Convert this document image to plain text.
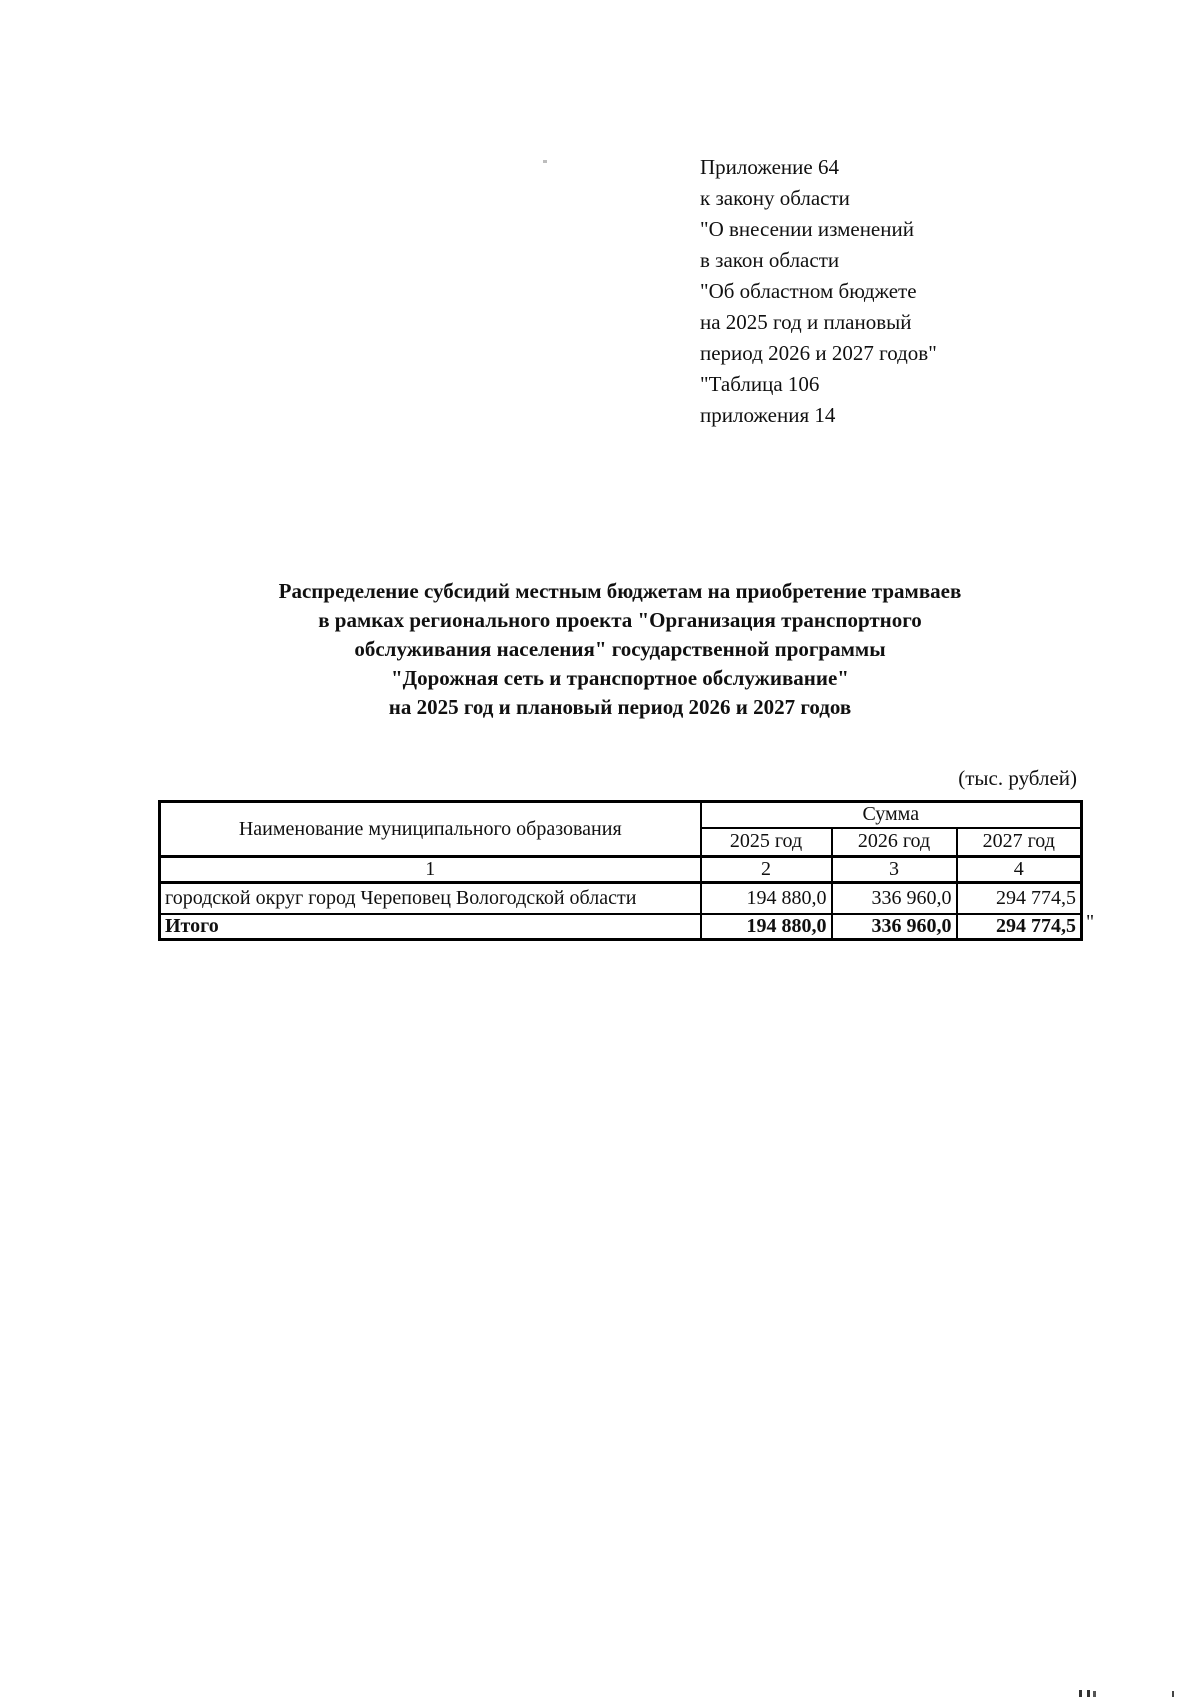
Приложение 64
к закону области
"О внесении изменений
в закон области
"Об областном бюджете
на 2025 год и плановый
период 2026 и 2027 годов"
"Таблица 106
приложения 14
Распределение субсидий местным бюджетам на приобретение трамваев
в рамках регионального проекта "Организация транспортного
обслуживания населения" государственной программы
"Дорожная сеть и транспортное обслуживание"
на 2025 год и плановый период 2026 и 2027 годов
(тыс. рублей)
Наименование муниципального образования	Сумма		
	2025 год	2026 год	2027 год
1	2	3	4
городской округ город Череповец Вологодской области	194 880,0	336 960,0	294 774,5
Итого	194 880,0	336 960,0	294 774,5 "
